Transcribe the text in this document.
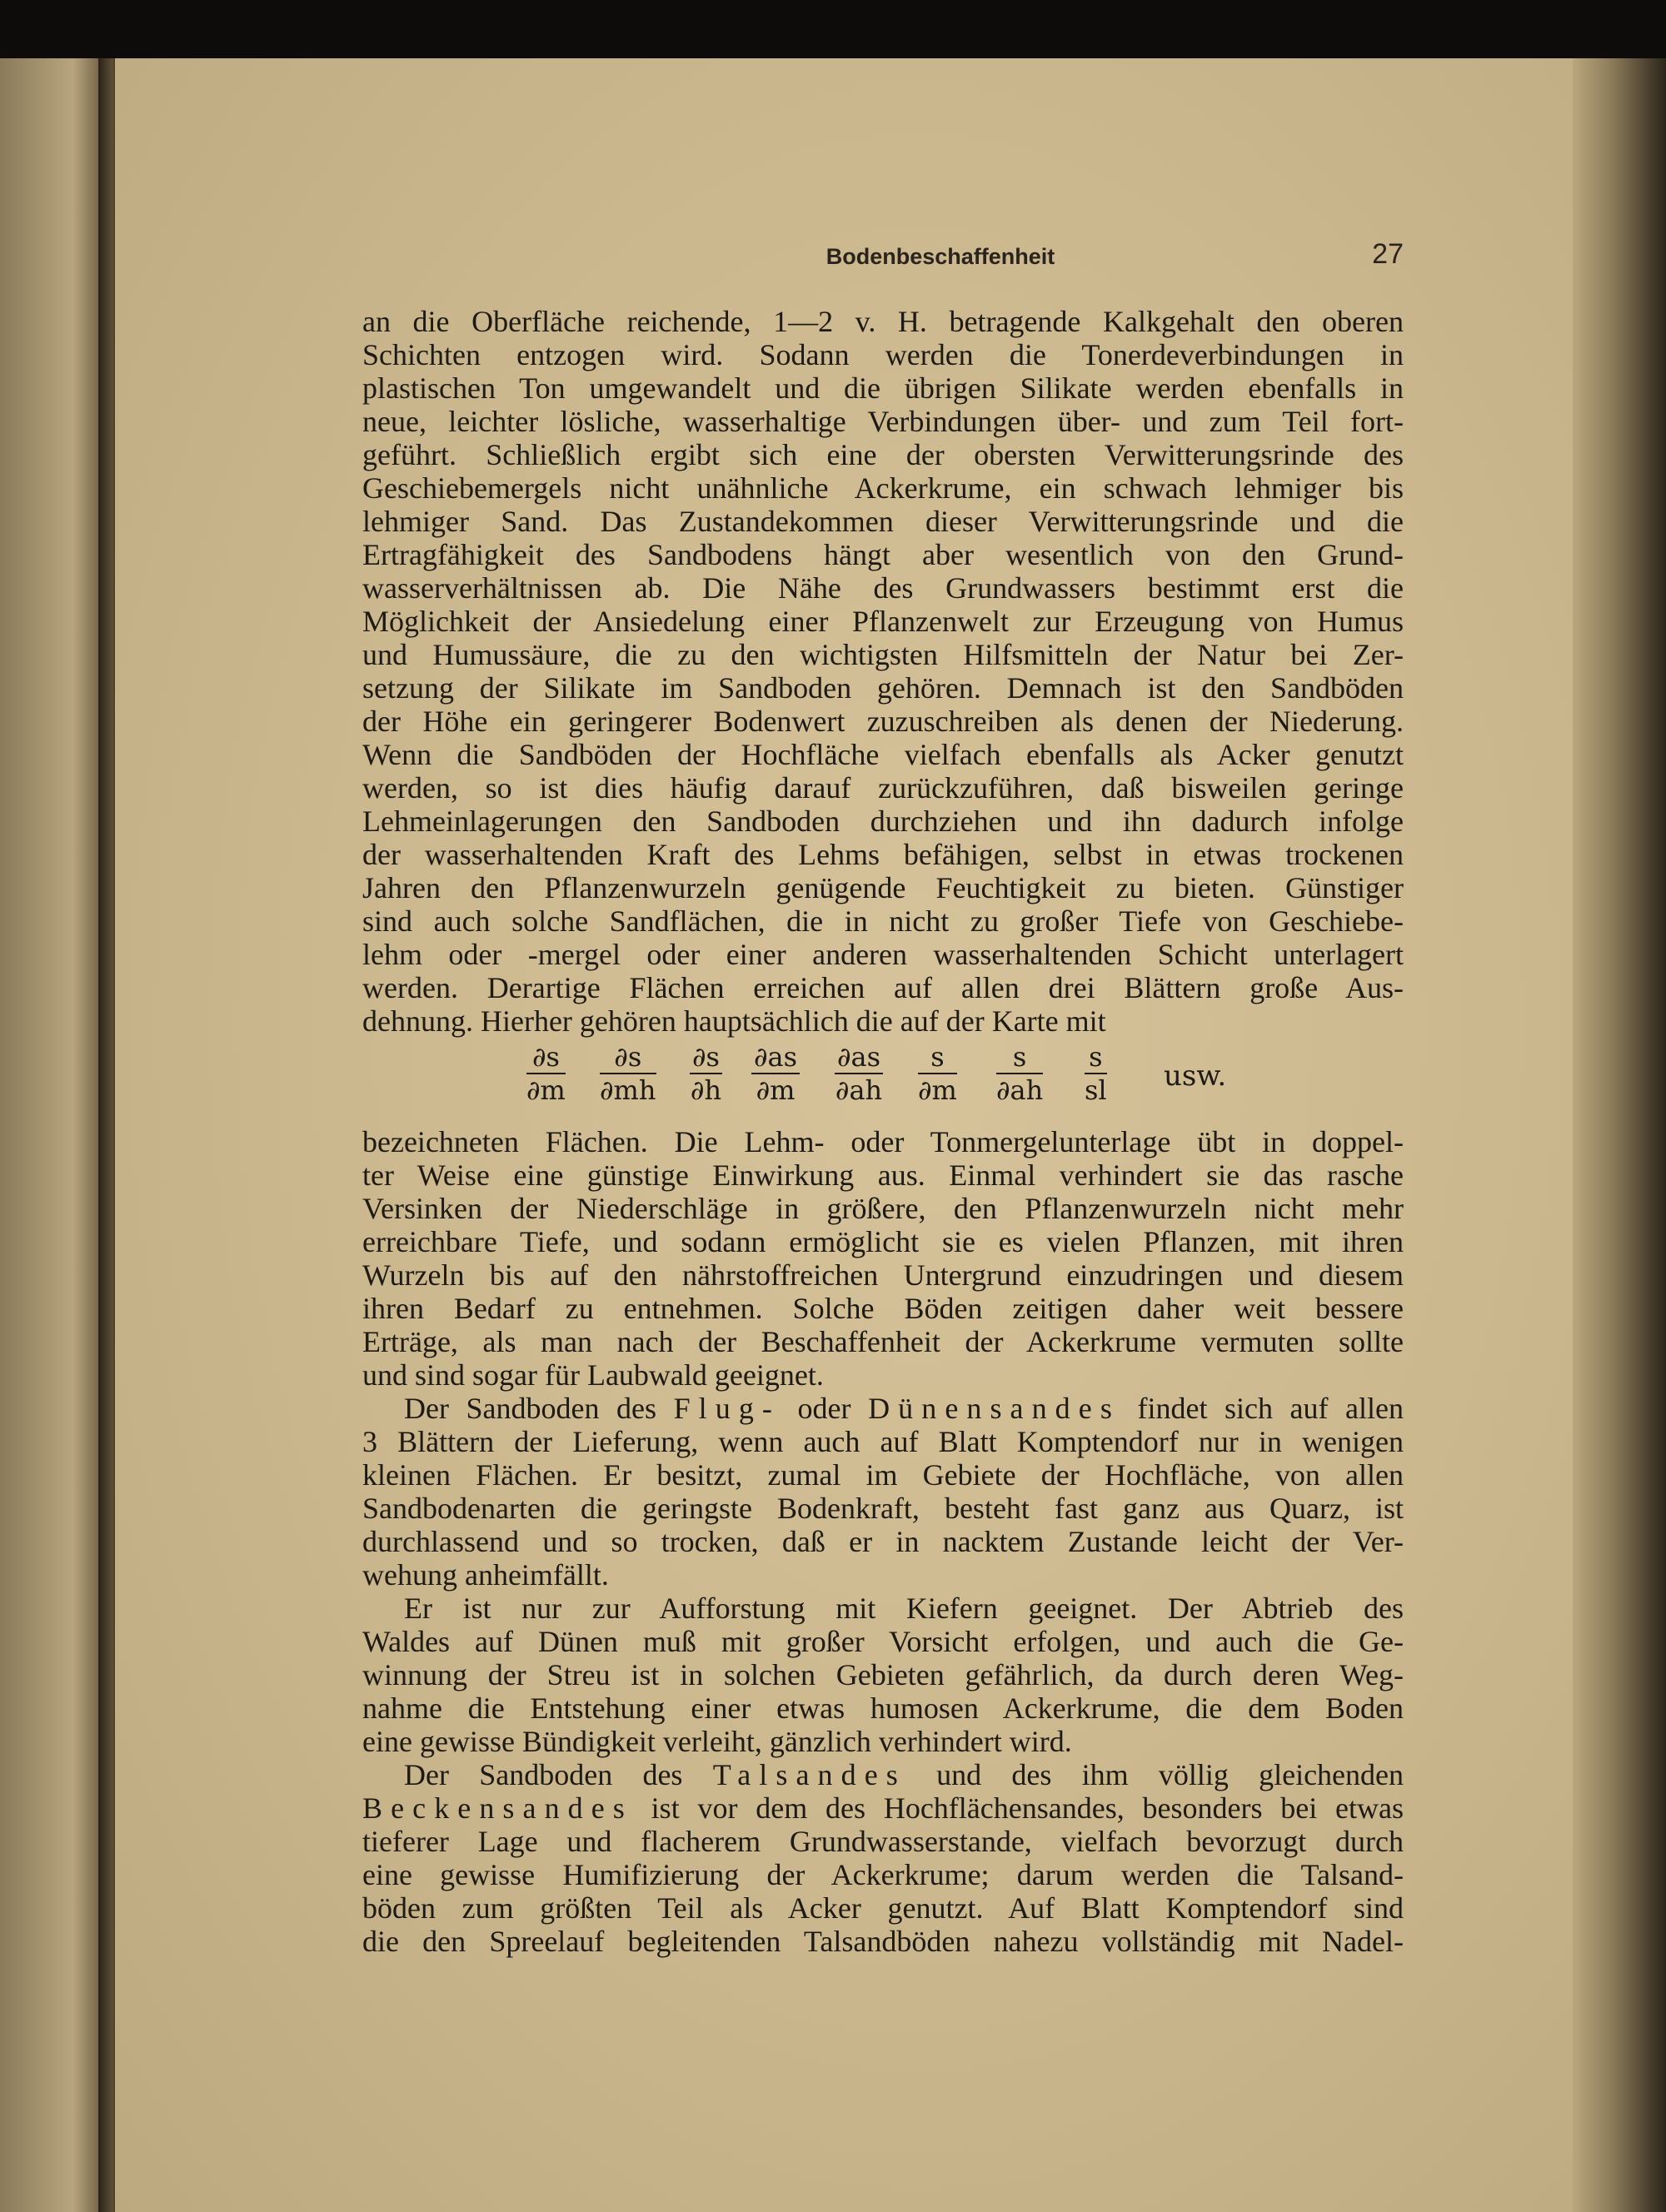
Bodenbeschaffenheit	27
an die Oberfläche reichende, 1—2 v. H. betragende Kalkgehalt den oberen
Schichten entzogen wird. Sodann werden die Tonerdeverbindungen in
plastischen Ton umgewandelt und die übrigen Silikate werden ebenfalls in
neue, leichter lösliche, wasserhaltige Verbindungen über- und zum Teil fort-
geführt. Schließlich ergibt sich eine der obersten Verwitterungsrinde des
Geschiebemergels nicht unähnliche Ackerkrume, ein schwach lehmiger bis
lehmiger Sand. Das Zustandekommen dieser Verwitterungsrinde und die
Ertragfähigkeit des Sandbodens hängt aber wesentlich von den Grund-
wasserverhältnissen ab. Die Nähe des Grundwassers bestimmt erst die
Möglichkeit der Ansiedelung einer Pflanzenwelt zur Erzeugung von Humus
und Humussäure, die zu den wichtigsten Hilfsmitteln der Natur bei Zer-
setzung der Silikate im Sandboden gehören. Demnach ist den Sandböden
der Höhe ein geringerer Bodenwert zuzuschreiben als denen der Niederung.
Wenn die Sandböden der Hochfläche vielfach ebenfalls als Acker genutzt
werden, so ist dies häufig darauf zurückzuführen, daß bisweilen geringe
Lehmeinlagerungen den Sandboden durchziehen und ihn dadurch infolge
der wasserhaltenden Kraft des Lehms befähigen, selbst in etwas trockenen
Jahren den Pflanzenwurzeln genügende Feuchtigkeit zu bieten. Günstiger
sind auch solche Sandflächen, die in nicht zu großer Tiefe von Geschiebe-
lehm oder -mergel oder einer anderen wasserhaltenden Schicht unterlagert
werden. Derartige Flächen erreichen auf allen drei Blättern große Aus-
dehnung. Hierher gehören hauptsächlich die auf der Karte mit
$\frac{\partial s}{\partial m} \frac{\partial s}{\partial mh} \frac{\partial s}{\partial h} \frac{\partial as}{\partial m} \frac{\partial as}{\partial ah} \frac{s}{\partial m} \frac{s}{\partial ah} \frac{s}{sl}$ usw.
bezeichneten Flächen. Die Lehm- oder Tonmergelunterlage übt in doppel-
ter Weise eine günstige Einwirkung aus. Einmal verhindert sie das rasche
Versinken der Niederschläge in größere, den Pflanzenwurzeln nicht mehr
erreichbare Tiefe, und sodann ermöglicht sie es vielen Pflanzen, mit ihren
Wurzeln bis auf den nährstoffreichen Untergrund einzudringen und diesem
ihren Bedarf zu entnehmen. Solche Böden zeitigen daher weit bessere
Erträge, als man nach der Beschaffenheit der Ackerkrume vermuten sollte
und sind sogar für Laubwald geeignet.
Der Sandboden des Flug- oder Dünensandes findet sich auf allen
3 Blättern der Lieferung, wenn auch auf Blatt Komptendorf nur in wenigen
kleinen Flächen. Er besitzt, zumal im Gebiete der Hochfläche, von allen
Sandbodenarten die geringste Bodenkraft, besteht fast ganz aus Quarz, ist
durchlassend und so trocken, daß er in nacktem Zustande leicht der Ver-
wehung anheimfällt.
Er ist nur zur Aufforstung mit Kiefern geeignet. Der Abtrieb des
Waldes auf Dünen muß mit großer Vorsicht erfolgen, und auch die Ge-
winnung der Streu ist in solchen Gebieten gefährlich, da durch deren Weg-
nahme die Entstehung einer etwas humosen Ackerkrume, die dem Boden
eine gewisse Bündigkeit verleiht, gänzlich verhindert wird.
Der Sandboden des Talsandes und des ihm völlig gleichenden
Beckensandes ist vor dem des Hochflächensandes, besonders bei etwas
tieferer Lage und flacherem Grundwasserstande, vielfach bevorzugt durch
eine gewisse Humifizierung der Ackerkrume; darum werden die Talsand-
böden zum größten Teil als Acker genutzt. Auf Blatt Komptendorf sind
die den Spreelauf begleitenden Talsandböden nahezu vollständig mit Nadel-
